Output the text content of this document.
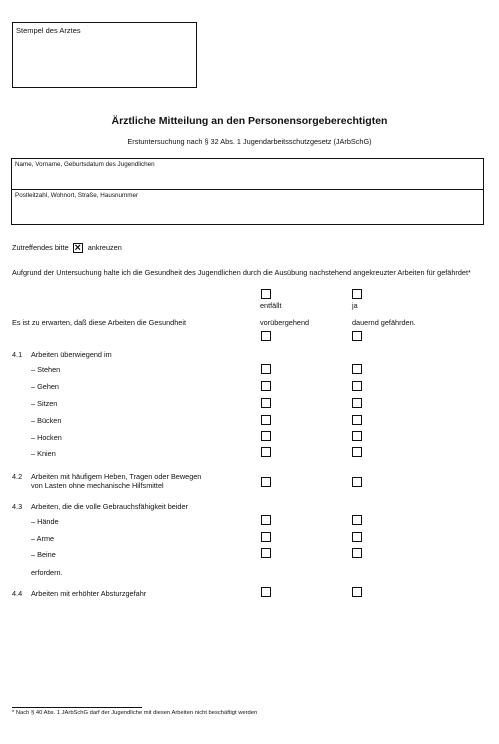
Stempel des Arztes
Ärztliche Mitteilung an den Personensorgeberechtigten
Erstuntersuchung nach § 32 Abs. 1 Jugendarbeitsschutzgesetz (JArbSchG)
Name, Vorname, Geburtsdatum des Jugendlichen
Postleitzahl, Wohnort, Straße, Hausnummer
Zutreffendes bitte ×	ankreuzen
Aufgrund der Untersuchung halte ich die Gesundheit des Jugendlichen durch die Ausübung nachstehend angekreuzter Arbeiten für gefährdet*
entfällt	ja
Es ist zu erwarten, daß diese Arbeiten die Gesundheit	vorübergehend	dauernd gefährden.
4.1 Arbeiten überwiegend im
– Stehen
– Gehen
– Sitzen
– Bücken
– Hocken
– Knien
4.2 Arbeiten mit häufigem Heben, Tragen oder Bewegen
von Lasten ohne mechanische Hilfsmittel
4.3 Arbeiten, die die volle Gebrauchsfähigkeit beider
– Hände
– Arme
– Beine
erfordern.
4.4 Arbeiten mit erhöhter Absturzgefahr
* Nach § 40 Abs. 1 JArbSchG darf der Jugendliche mit diesen Arbeiten nicht beschäftigt werden
